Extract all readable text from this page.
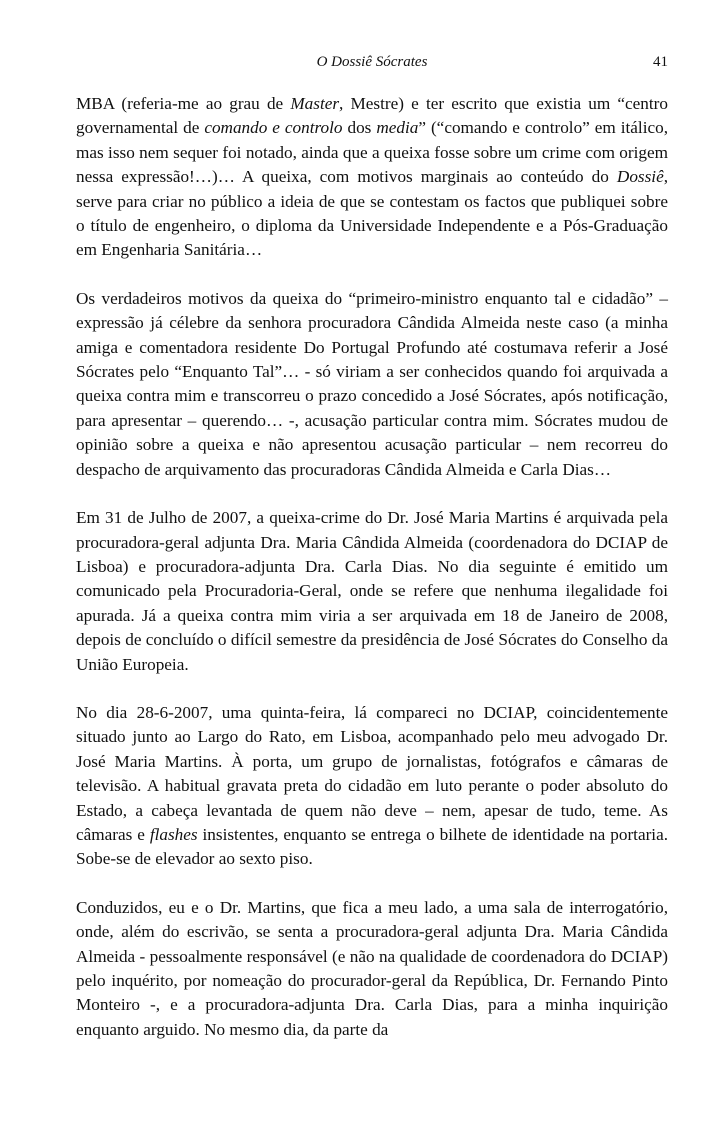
O Dossiê Sócrates	41

MBA (referia-me ao grau de Master, Mestre) e ter escrito que existia um “centro governamental de comando e controlo dos media” (“comando e controlo” em itálico, mas isso nem sequer foi notado, ainda que a queixa fosse sobre um crime com origem nessa expressão!…)… A queixa, com motivos marginais ao conteúdo do Dossiê, serve para criar no público a ideia de que se contestam os factos que publiquei sobre o título de engenheiro, o diploma da Universidade Independente e a Pós-Graduação em Engenharia Sanitária…

Os verdadeiros motivos da queixa do “primeiro-ministro enquanto tal e cidadão” – expressão já célebre da senhora procuradora Cândida Almeida neste caso (a minha amiga e comentadora residente Do Portugal Profundo até costumava referir a José Sócrates pelo “Enquanto Tal”… - só viriam a ser conhecidos quando foi arquivada a queixa contra mim e transcorreu o prazo concedido a José Sócrates, após notificação, para apresentar – querendo… -, acusação particular contra mim. Sócrates mudou de opinião sobre a queixa e não apresentou acusação particular – nem recorreu do despacho de arquivamento das procuradoras Cândida Almeida e Carla Dias…

Em 31 de Julho de 2007, a queixa-crime do Dr. José Maria Martins é arquivada pela procuradora-geral adjunta Dra. Maria Cândida Almeida (coordenadora do DCIAP de Lisboa) e procuradora-adjunta Dra. Carla Dias. No dia seguinte é emitido um comunicado pela Procuradoria-Geral, onde se refere que nenhuma ilegalidade foi apurada. Já a queixa contra mim viria a ser arquivada em 18 de Janeiro de 2008, depois de concluído o difícil semestre da presidência de José Sócrates do Conselho da União Europeia.

No dia 28-6-2007, uma quinta-feira, lá compareci no DCIAP, coincidentemente situado junto ao Largo do Rato, em Lisboa, acompanhado pelo meu advogado Dr. José Maria Martins. À porta, um grupo de jornalistas, fotógrafos e câmaras de televisão. A habitual gravata preta do cidadão em luto perante o poder absoluto do Estado, a cabeça levantada de quem não deve – nem, apesar de tudo, teme. As câmaras e flashes insistentes, enquanto se entrega o bilhete de identidade na portaria. Sobe-se de elevador ao sexto piso.

Conduzidos, eu e o Dr. Martins, que fica a meu lado, a uma sala de interrogatório, onde, além do escrivão, se senta a procuradora-geral adjunta Dra. Maria Cândida Almeida - pessoalmente responsável (e não na qualidade de coordenadora do DCIAP) pelo inquérito, por nomeação do procurador-geral da República, Dr. Fernando Pinto Monteiro -, e a procuradora-adjunta Dra. Carla Dias, para a minha inquirição enquanto arguido. No mesmo dia, da parte da
